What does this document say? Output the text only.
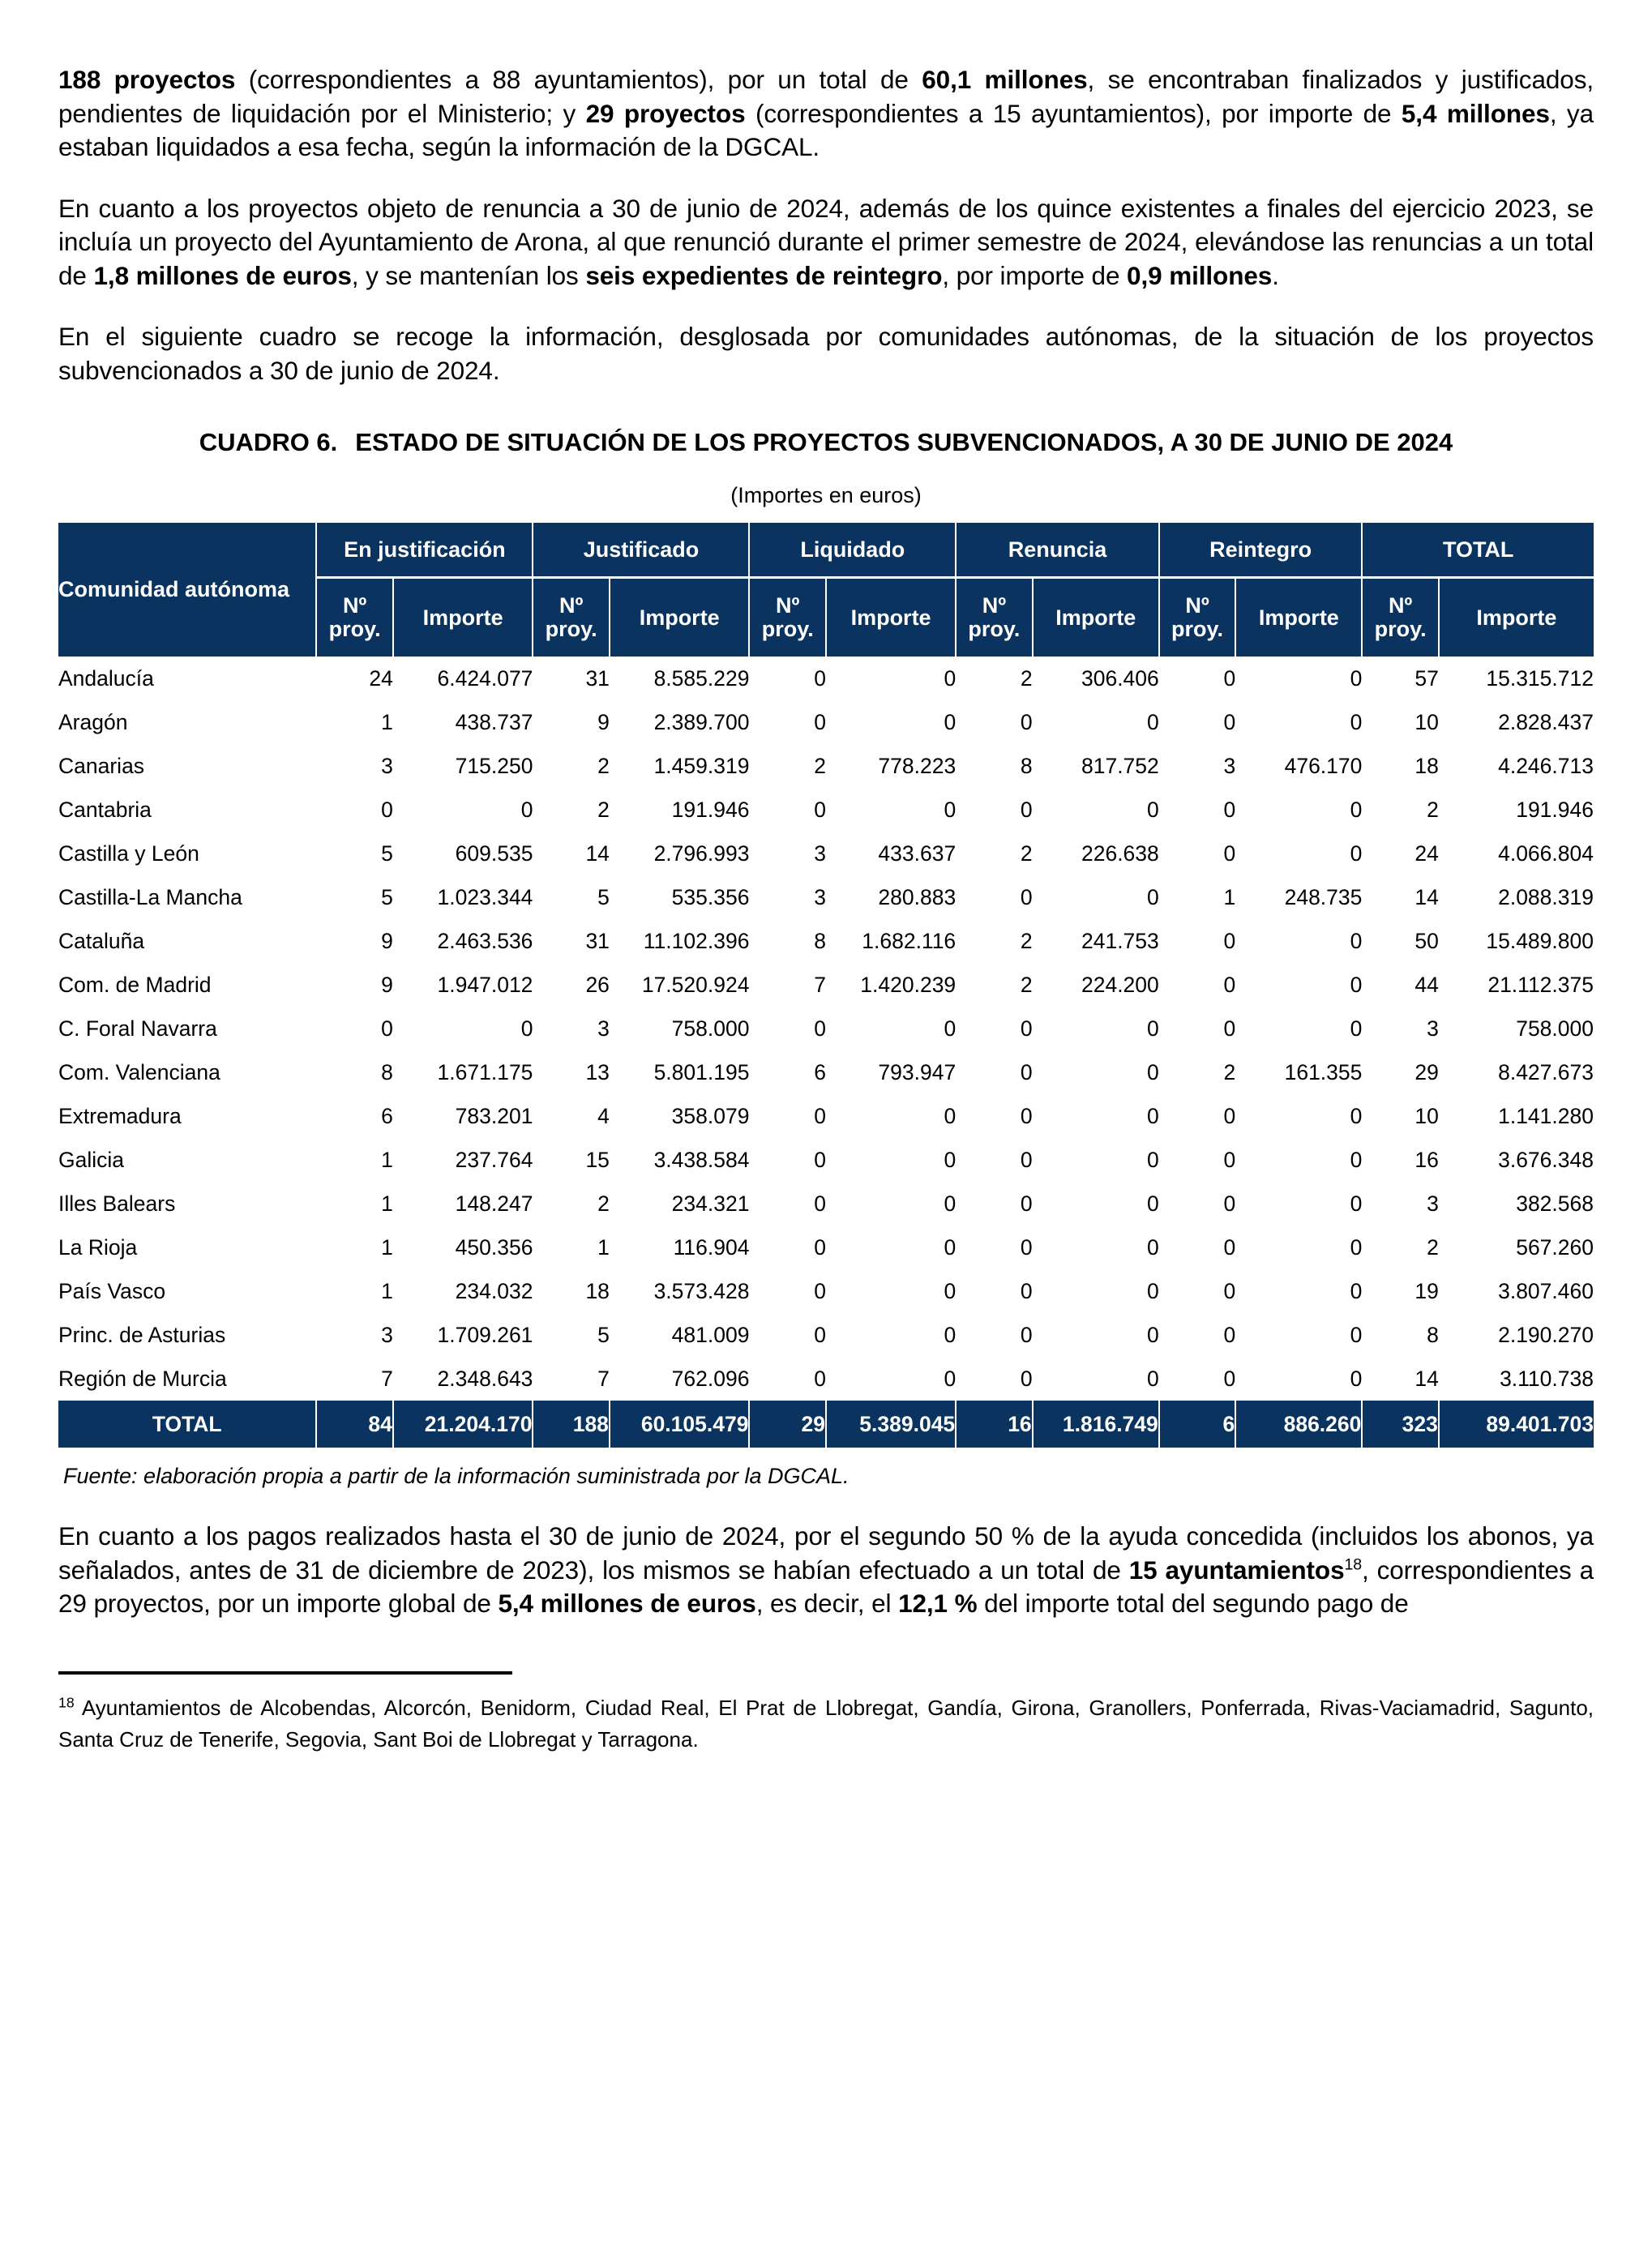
188 proyectos (correspondientes a 88 ayuntamientos), por un total de 60,1 millones, se encontraban finalizados y justificados, pendientes de liquidación por el Ministerio; y 29 proyectos (correspondientes a 15 ayuntamientos), por importe de 5,4 millones, ya estaban liquidados a esa fecha, según la información de la DGCAL.

En cuanto a los proyectos objeto de renuncia a 30 de junio de 2024, además de los quince existentes a finales del ejercicio 2023, se incluía un proyecto del Ayuntamiento de Arona, al que renunció durante el primer semestre de 2024, elevándose las renuncias a un total de 1,8 millones de euros, y se mantenían los seis expedientes de reintegro, por importe de 0,9 millones.

En el siguiente cuadro se recoge la información, desglosada por comunidades autónomas, de la situación de los proyectos subvencionados a 30 de junio de 2024.

CUADRO 6. ESTADO DE SITUACIÓN DE LOS PROYECTOS SUBVENCIONADOS, A 30 DE JUNIO DE 2024
(Importes en euros)
Comunidad autónoma	En justificación		Justificado		Liquidado		Renuncia		Reintegro		TOTAL	
	Nº proy.	Importe	Nº proy.	Importe	Nº proy.	Importe	Nº proy.	Importe	Nº proy.	Importe	Nº proy.	Importe
Andalucía	24	6.424.077	31	8.585.229	0	0	2	306.406	0	0	57	15.315.712
Aragón	1	438.737	9	2.389.700	0	0	0	0	0	0	10	2.828.437
Canarias	3	715.250	2	1.459.319	2	778.223	8	817.752	3	476.170	18	4.246.713
Cantabria	0	0	2	191.946	0	0	0	0	0	0	2	191.946
Castilla y León	5	609.535	14	2.796.993	3	433.637	2	226.638	0	0	24	4.066.804
Castilla-La Mancha	5	1.023.344	5	535.356	3	280.883	0	0	1	248.735	14	2.088.319
Cataluña	9	2.463.536	31	11.102.396	8	1.682.116	2	241.753	0	0	50	15.489.800
Com. de Madrid	9	1.947.012	26	17.520.924	7	1.420.239	2	224.200	0	0	44	21.112.375
C. Foral Navarra	0	0	3	758.000	0	0	0	0	0	0	3	758.000
Com. Valenciana	8	1.671.175	13	5.801.195	6	793.947	0	0	2	161.355	29	8.427.673
Extremadura	6	783.201	4	358.079	0	0	0	0	0	0	10	1.141.280
Galicia	1	237.764	15	3.438.584	0	0	0	0	0	0	16	3.676.348
Illes Balears	1	148.247	2	234.321	0	0	0	0	0	0	3	382.568
La Rioja	1	450.356	1	116.904	0	0	0	0	0	0	2	567.260
País Vasco	1	234.032	18	3.573.428	0	0	0	0	0	0	19	3.807.460
Princ. de Asturias	3	1.709.261	5	481.009	0	0	0	0	0	0	8	2.190.270
Región de Murcia	7	2.348.643	7	762.096	0	0	0	0	0	0	14	3.110.738
TOTAL	84	21.204.170	188	60.105.479	29	5.389.045	16	1.816.749	6	886.260	323	89.401.703
Fuente: elaboración propia a partir de la información suministrada por la DGCAL.

En cuanto a los pagos realizados hasta el 30 de junio de 2024, por el segundo 50 % de la ayuda concedida (incluidos los abonos, ya señalados, antes de 31 de diciembre de 2023), los mismos se habían efectuado a un total de 15 ayuntamientos$^{18}$, correspondientes a 29 proyectos, por un importe global de 5,4 millones de euros, es decir, el 12,1 % del importe total del segundo pago de

$^{18}$ Ayuntamientos de Alcobendas, Alcorcón, Benidorm, Ciudad Real, El Prat de Llobregat, Gandía, Girona, Granollers, Ponferrada, Rivas-Vaciamadrid, Sagunto, Santa Cruz de Tenerife, Segovia, Sant Boi de Llobregat y Tarragona.
